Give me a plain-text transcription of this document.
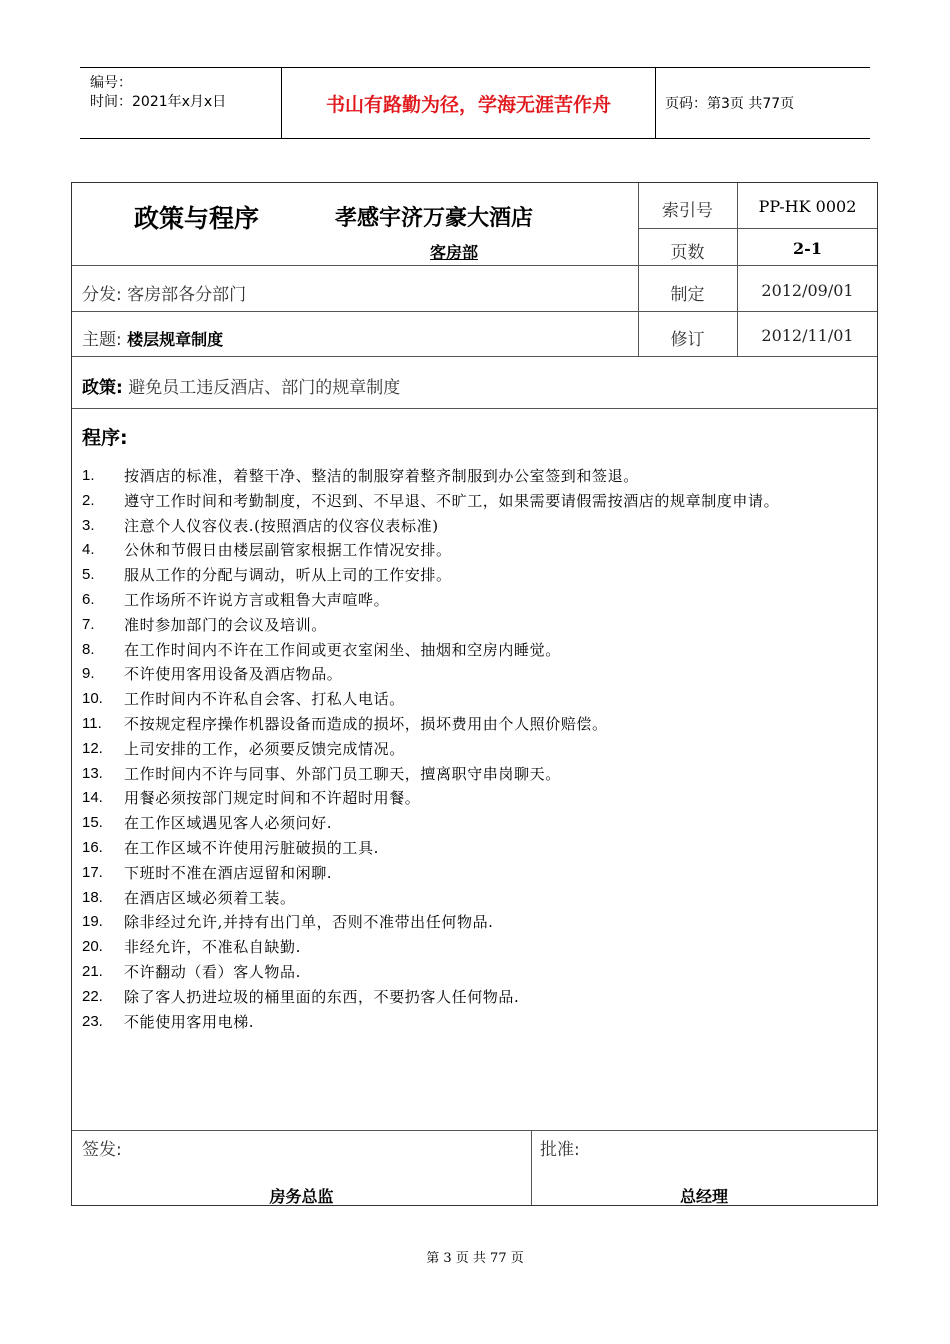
编号：
时间：2021年x月x日	书山有路勤为径，学海无涯苦作舟	页码：第3页 共77页
政策与程序	孝感宇济万豪大酒店
客房部
索引号	PP-HK 0002
页数	2-1
分发: 客房部各分部门	制定	2012/09/01
主题: 楼层规章制度	修订	2012/11/01
政策: 避免员工违反酒店、部门的规章制度
程序:
1. 按酒店的标准，着整干净、整洁的制服穿着整齐制服到办公室签到和签退。
2. 遵守工作时间和考勤制度，不迟到、不早退、不旷工，如果需要请假需按酒店的规章制度申请。
3. 注意个人仪容仪表.(按照酒店的仪容仪表标准)
4. 公休和节假日由楼层副管家根据工作情况安排。
5. 服从工作的分配与调动，听从上司的工作安排。
6. 工作场所不许说方言或粗鲁大声喧哗。
7. 准时参加部门的会议及培训。
8. 在工作时间内不许在工作间或更衣室闲坐、抽烟和空房内睡觉。
9. 不许使用客用设备及酒店物品。
10. 工作时间内不许私自会客、打私人电话。
11. 不按规定程序操作机器设备而造成的损坏，损坏费用由个人照价赔偿。
12. 上司安排的工作，必须要反馈完成情况。
13. 工作时间内不许与同事、外部门员工聊天，擅离职守串岗聊天。
14. 用餐必须按部门规定时间和不许超时用餐。
15. 在工作区域遇见客人必须问好.
16. 在工作区域不许使用污脏破损的工具.
17. 下班时不准在酒店逗留和闲聊.
18. 在酒店区域必须着工装。
19. 除非经过允许,并持有出门单，否则不准带出任何物品.
20. 非经允许，不准私自缺勤.
21. 不许翻动（看）客人物品.
22. 除了客人扔进垃圾的桶里面的东西，不要扔客人任何物品.
23. 不能使用客用电梯.
签发:
房务总监
批准:
总经理
第 3 页 共 77 页
